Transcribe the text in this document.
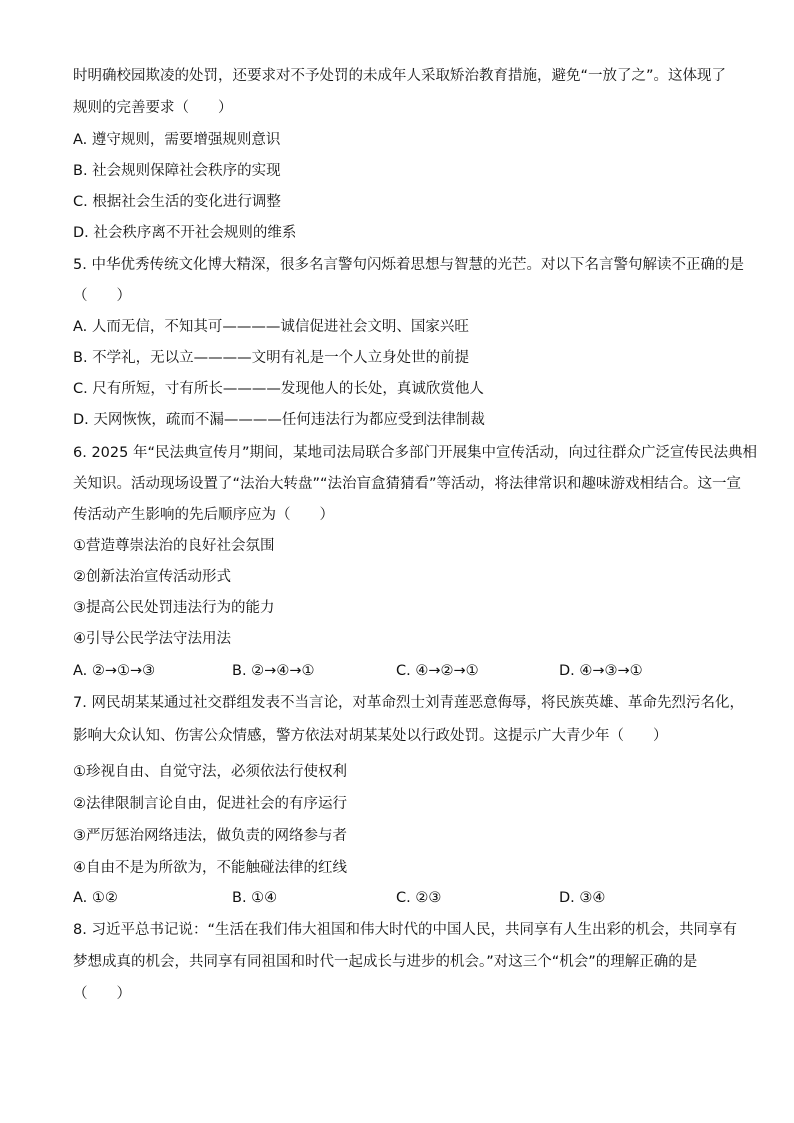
时明确校园欺凌的处罚，还要求对不予处罚的未成年人采取矫治教育措施，避免“一放了之”。这体现了
规则的完善要求（　　）
A. 遵守规则，需要增强规则意识
B. 社会规则保障社会秩序的实现
C. 根据社会生活的变化进行调整
D. 社会秩序离不开社会规则的维系
5. 中华优秀传统文化博大精深，很多名言警句闪烁着思想与智慧的光芒。对以下名言警句解读不正确的是
（　　）
A. 人而无信，不知其可————诚信促进社会文明、国家兴旺
B. 不学礼，无以立————文明有礼是一个人立身处世的前提
C. 尺有所短，寸有所长————发现他人的长处，真诚欣赏他人
D. 天网恢恢，疏而不漏————任何违法行为都应受到法律制裁
6. 2025 年“民法典宣传月”期间，某地司法局联合多部门开展集中宣传活动，向过往群众广泛宣传民法典相
关知识。活动现场设置了“法治大转盘”“法治盲盒猜猜看”等活动，将法律常识和趣味游戏相结合。这一宣
传活动产生影响的先后顺序应为（　　）
①营造尊崇法治的良好社会氛围
②创新法治宣传活动形式
③提高公民处罚违法行为的能力
④引导公民学法守法用法
A. ②→①→③	B. ②→④→①	C. ④→②→①	D. ④→③→①
7. 网民胡某某通过社交群组发表不当言论，对革命烈士刘青莲恶意侮辱，将民族英雄、革命先烈污名化，
影响大众认知、伤害公众情感，警方依法对胡某某处以行政处罚。这提示广大青少年（　　）
①珍视自由、自觉守法，必须依法行使权利
②法律限制言论自由，促进社会的有序运行
③严厉惩治网络违法，做负责的网络参与者
④自由不是为所欲为，不能触碰法律的红线
A. ①②	B. ①④	C. ②③	D. ③④
8. 习近平总书记说：“生活在我们伟大祖国和伟大时代的中国人民，共同享有人生出彩的机会，共同享有
梦想成真的机会，共同享有同祖国和时代一起成长与进步的机会。”对这三个“机会”的理解正确的是
（　　）
